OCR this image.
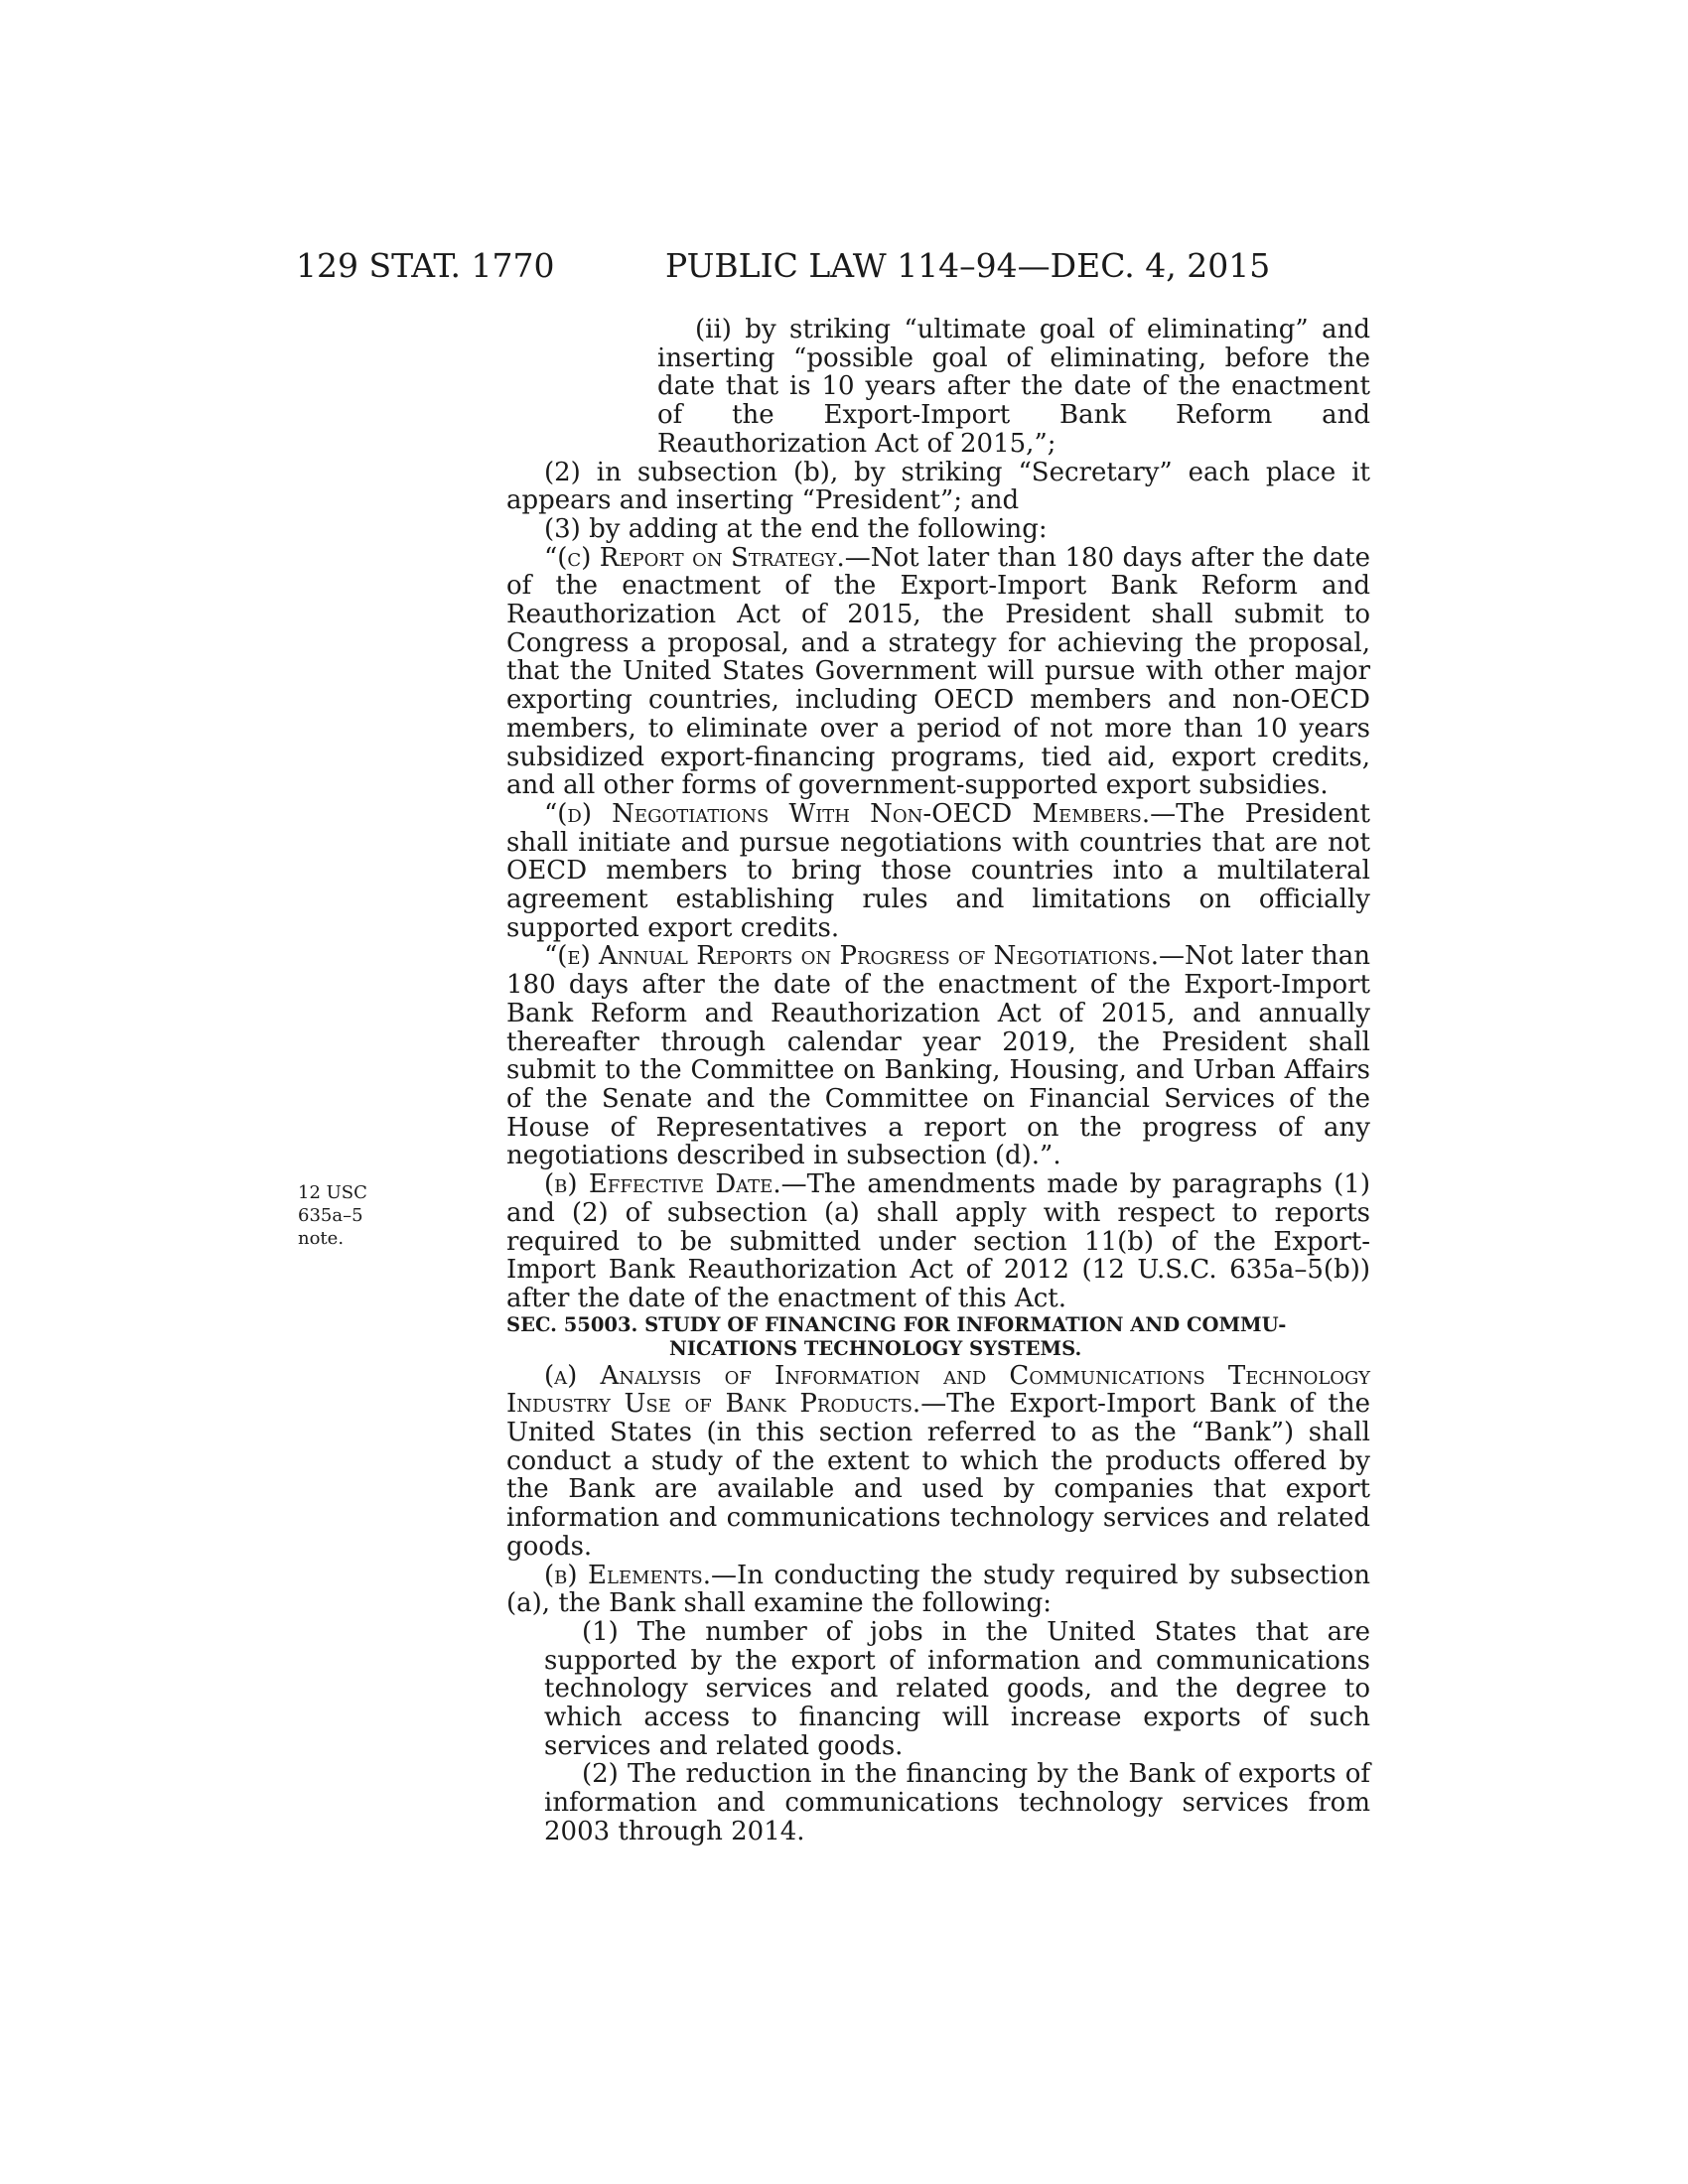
129 STAT. 1770	PUBLIC LAW 114–94—DEC. 4, 2015
12 USC 635a–5
note.

(ii) by striking “ultimate goal of eliminating” and inserting “possible goal of eliminating, before the date that is 10 years after the date of the enactment of the Export-Import Bank Reform and Reauthorization Act of 2015,”;

(2) in subsection (b), by striking “Secretary” each place it appears and inserting “President”; and

(3) by adding at the end the following:

“(c) Report on Strategy.—Not later than 180 days after the date of the enactment of the Export-Import Bank Reform and Reauthorization Act of 2015, the President shall submit to Congress a proposal, and a strategy for achieving the proposal, that the United States Government will pursue with other major exporting countries, including OECD members and non-OECD members, to eliminate over a period of not more than 10 years subsidized export-financing programs, tied aid, export credits, and all other forms of government-supported export subsidies.

“(d) Negotiations With Non-OECD Members.—The President shall initiate and pursue negotiations with countries that are not OECD members to bring those countries into a multilateral agreement establishing rules and limitations on officially supported export credits.

“(e) Annual Reports on Progress of Negotiations.—Not later than 180 days after the date of the enactment of the Export-Import Bank Reform and Reauthorization Act of 2015, and annually thereafter through calendar year 2019, the President shall submit to the Committee on Banking, Housing, and Urban Affairs of the Senate and the Committee on Financial Services of the House of Representatives a report on the progress of any negotiations described in subsection (d).”.

(b) Effective Date.—The amendments made by paragraphs (1) and (2) of subsection (a) shall apply with respect to reports required to be submitted under section 11(b) of the Export-Import Bank Reauthorization Act of 2012 (12 U.S.C. 635a–5(b)) after the date of the enactment of this Act.

SEC. 55003. STUDY OF FINANCING FOR INFORMATION AND COMMU-
NICATIONS TECHNOLOGY SYSTEMS.

(a) Analysis of Information and Communications Technology Industry Use of Bank Products.—The Export-Import Bank of the United States (in this section referred to as the “Bank”) shall conduct a study of the extent to which the products offered by the Bank are available and used by companies that export information and communications technology services and related goods.

(b) Elements.—In conducting the study required by subsection (a), the Bank shall examine the following:

(1) The number of jobs in the United States that are supported by the export of information and communications technology services and related goods, and the degree to which access to financing will increase exports of such services and related goods.

(2) The reduction in the financing by the Bank of exports of information and communications technology services from 2003 through 2014.
